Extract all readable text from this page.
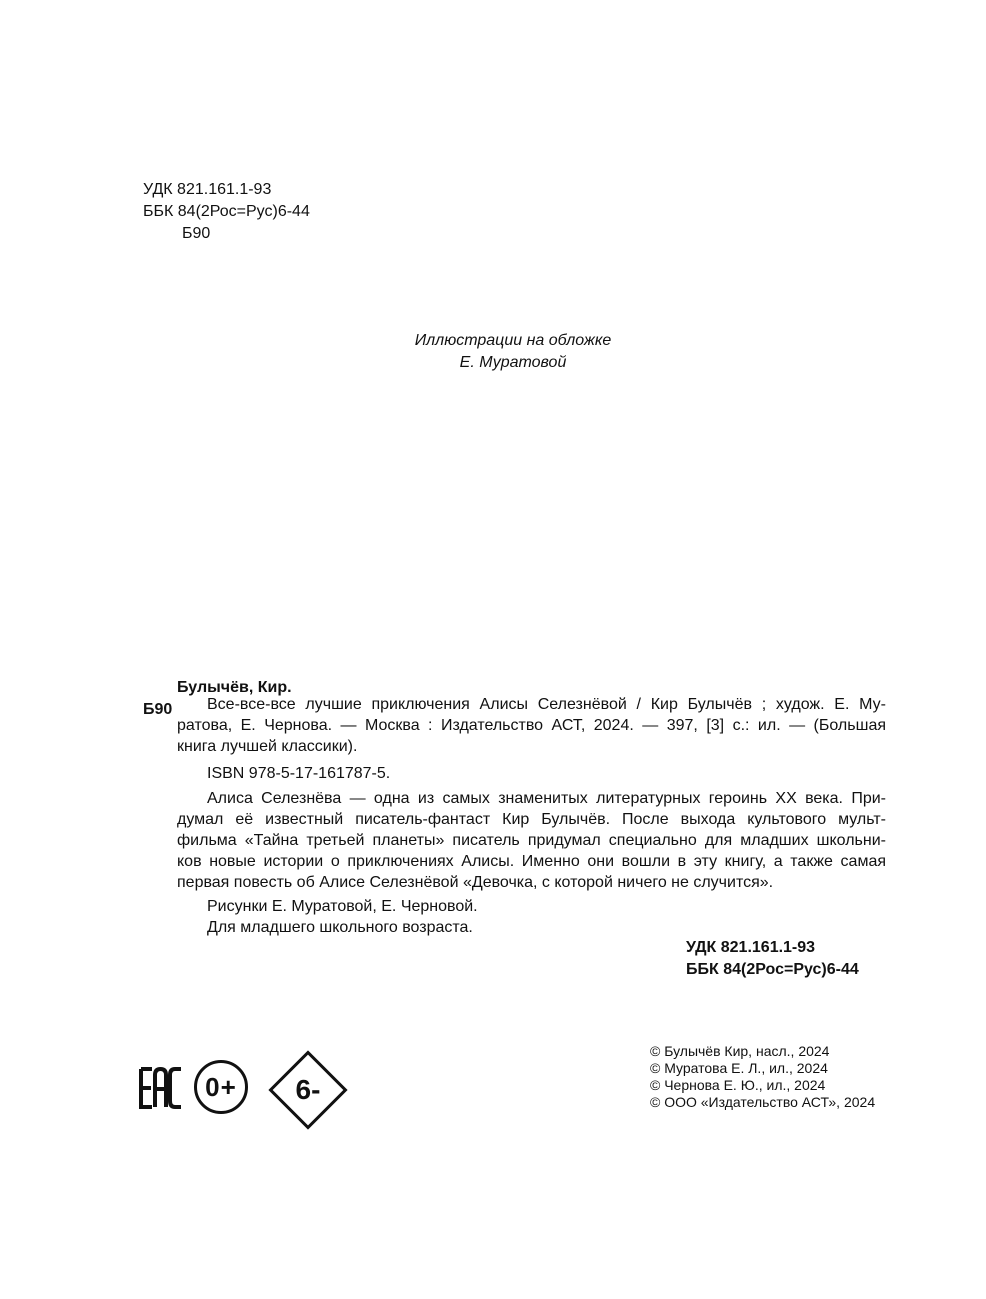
УДК 821.161.1-93
ББК 84(2Рос=Рус)6-44
Б90
Иллюстрации на обложке
Е. Муратовой
Булычёв, Кир.
Б90	Все-все-все лучшие приключения Алисы Селезнёвой / Кир Булычёв ; худож. Е. Му-
ратова, Е. Чернова. — Москва : Издательство АСТ, 2024. — 397, [3] с.: ил. — (Большая
книга лучшей классики).
ISBN 978-5-17-161787-5.
Алиса Селезнёва — одна из самых знаменитых литературных героинь XX века. При-
думал её известный писатель-фантаст Кир Булычёв. После выхода культового мульт-
фильма «Тайна третьей планеты» писатель придумал специально для младших школьни-
ков новые истории о приключениях Алисы. Именно они вошли в эту книгу, а также самая
первая повесть об Алисе Селезнёвой «Девочка, с которой ничего не случится».
Рисунки Е. Муратовой, Е. Черновой.
Для младшего школьного возраста.
УДК 821.161.1-93
ББК 84(2Рос=Рус)6-44
0+	6-
© Булычёв Кир, насл., 2024
© Муратова Е. Л., ил., 2024
© Чернова Е. Ю., ил., 2024
© ООО «Издательство АСТ», 2024
